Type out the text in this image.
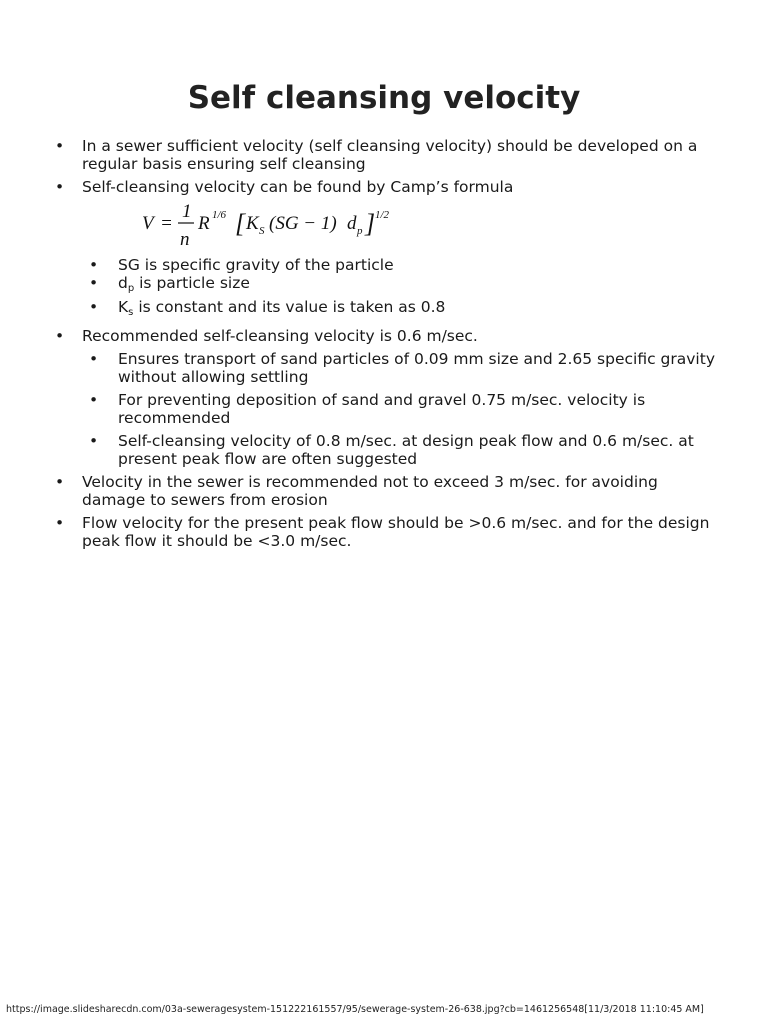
Self cleansing velocity
• In a sewer sufficient velocity (self cleansing velocity) should be developed on a regular basis ensuring self cleansing
• Self-cleansing velocity can be found by Camp’s formula
V =
1
n
R 1/6 [ K S (SG − 1) d p ] 1/2
• SG is specific gravity of the particle
• $d_p$ is particle size
• $K_s$ is constant and its value is taken as 0.8
• Recommended self-cleansing velocity is 0.6 m/sec.
• Ensures transport of sand particles of 0.09 mm size and 2.65 specific gravity without allowing settling
• For preventing deposition of sand and gravel 0.75 m/sec. velocity is recommended
• Self-cleansing velocity of 0.8 m/sec. at design peak flow and 0.6 m/sec. at present peak flow are often suggested
• Velocity in the sewer is recommended not to exceed 3 m/sec. for avoiding damage to sewers from erosion
• Flow velocity for the present peak flow should be >0.6 m/sec. and for the design peak flow it should be <3.0 m/sec.
https://image.slidesharecdn.com/03a-seweragesystem-151222161557/95/sewerage-system-26-638.jpg?cb=1461256548[11/3/2018 11:10:45 AM]
